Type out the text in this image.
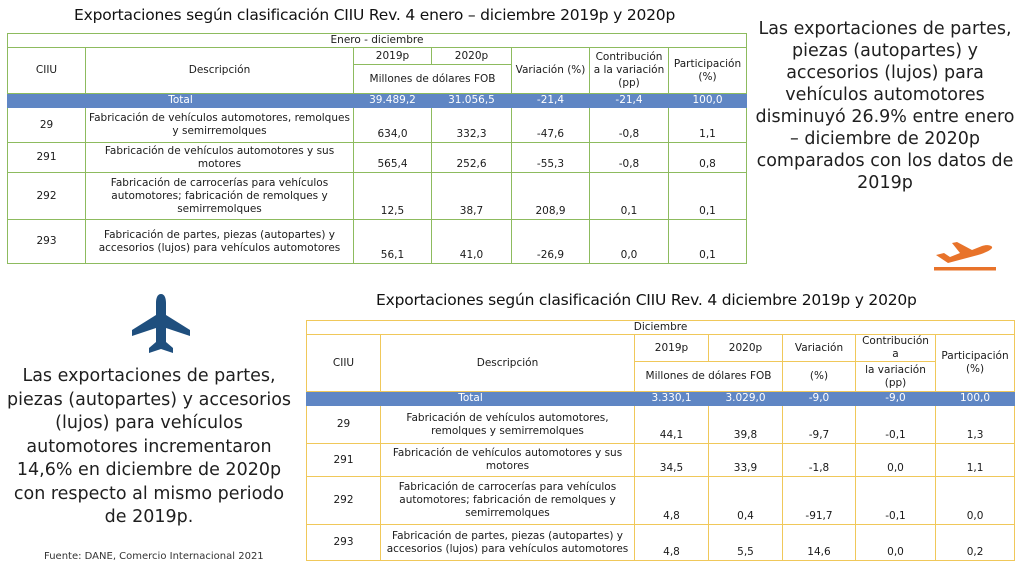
Exportaciones según clasificación CIIU Rev. 4 enero – diciembre 2019p y 2020p
Enero - diciembre						
CIIU	Descripción	2019p	2020p	Variación (%)	Contribución a la variación (pp)	Participación (%)
		Millones de dólares FOB				
Total		39.489,2	31.056,5	-21,4	-21,4	100,0
29	Fabricación de vehículos automotores, remolques y semirremolques	634,0	332,3	-47,6	-0,8	1,1
291	Fabricación de vehículos automotores y sus motores	565,4	252,6	-55,3	-0,8	0,8
292	Fabricación de carrocerías para vehículos automotores; fabricación de remolques y semirremolques	12,5	38,7	208,9	0,1	0,1
293	Fabricación de partes, piezas (autopartes) y accesorios (lujos) para vehículos automotores	56,1	41,0	-26,9	0,0	0,1
Las exportaciones de partes, piezas (autopartes) y accesorios (lujos) para vehículos automotores disminuyó 26.9% entre enero – diciembre de 2020p comparados con los datos de 2019p
Exportaciones según clasificación CIIU Rev. 4 diciembre 2019p y 2020p
Diciembre						
CIIU	Descripción	2019p	2020p	Variación	Contribución a	Participación (%)
		Millones de dólares FOB		(%)	la variación (pp)	
Total		3.330,1	3.029,0	-9,0	-9,0	100,0
29	Fabricación de vehículos automotores, remolques y semirremolques	44,1	39,8	-9,7	-0,1	1,3
291	Fabricación de vehículos automotores y sus motores	34,5	33,9	-1,8	0,0	1,1
292	Fabricación de carrocerías para vehículos automotores; fabricación de remolques y semirremolques	4,8	0,4	-91,7	-0,1	0,0
293	Fabricación de partes, piezas (autopartes) y accesorios (lujos) para vehículos automotores	4,8	5,5	14,6	0,0	0,2
Las exportaciones de partes, piezas (autopartes) y accesorios (lujos) para vehículos automotores incrementaron 14,6% en diciembre de 2020p con respecto al mismo periodo de 2019p.
Fuente: DANE, Comercio Internacional 2021
